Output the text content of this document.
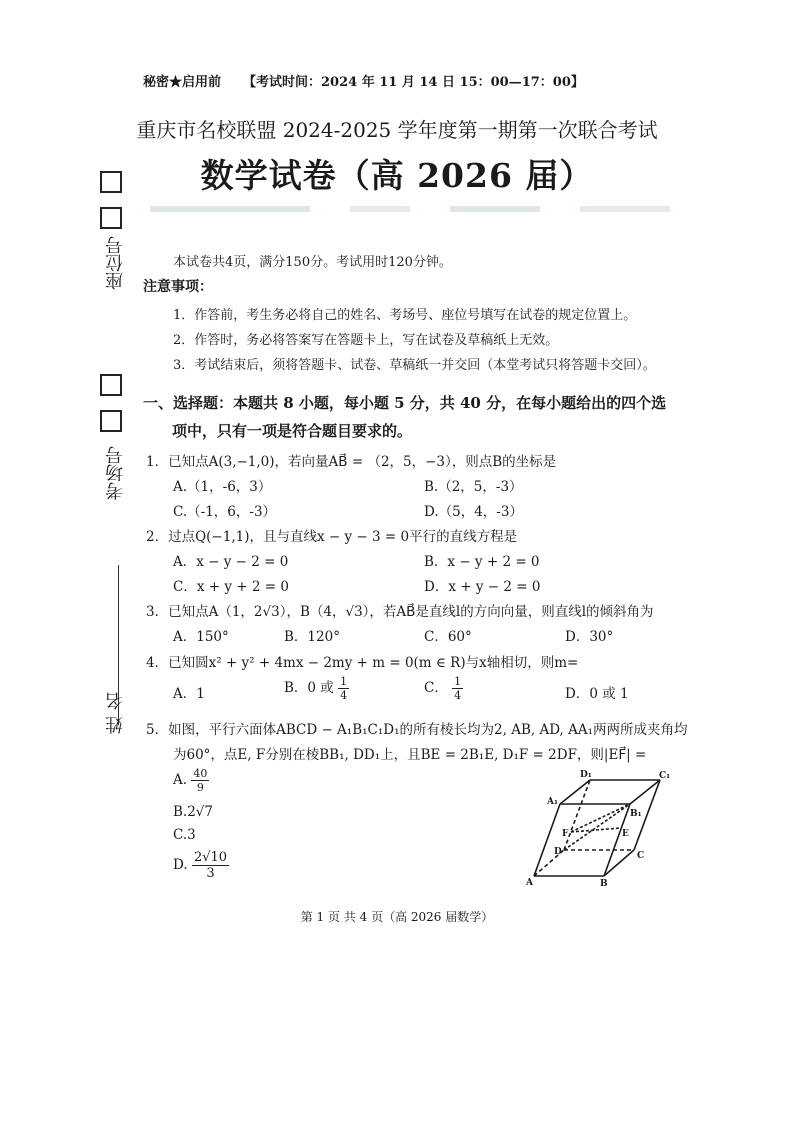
秘密★启用前 【考试时间：2024 年 11 月 14 日 15：00—17：00】
重庆市名校联盟 2024-2025 学年度第一期第一次联合考试
数学试卷（高 2026 届）
座位号
考场号
姓 名
本试卷共4页，满分150分。考试用时120分钟。
注意事项：
1．作答前，考生务必将自己的姓名、考场号、座位号填写在试卷的规定位置上。
2．作答时，务必将答案写在答题卡上，写在试卷及草稿纸上无效。
3．考试结束后，须将答题卡、试卷、草稿纸一并交回（本堂考试只将答题卡交回）。
一、选择题：本题共 8 小题，每小题 5 分，共 40 分，在每小题给出的四个选
项中，只有一项是符合题目要求的。
1．已知点A(3,−1,0)，若向量AB⃗ = （2，5，−3），则点B的坐标是
A.（1，-6，3）	B.（2，5，-3）
C.（-1，6，-3）	D.（5，4，-3）
2．过点Q(−1,1)，且与直线x − y − 3 = 0平行的直线方程是
A．x − y − 2 = 0	B．x − y + 2 = 0
C．x + y + 2 = 0	D．x + y − 2 = 0
3．已知点A（1，2√3），B（4，√3），若AB⃗是直线l的方向向量，则直线l的倾斜角为
A．150°	B．120°	C．60°	D．30°
4．已知圆x² + y² + 4mx − 2my + m = 0(m ∈ R)与x轴相切，则m=
A．1	B．0 或 $\frac{1}{4}$	C． $\frac{1}{4}$	D．0 或 1
5．如图，平行六面体ABCD − A₁B₁C₁D₁的所有棱长均为2, AB, AD, AA₁两两所成夹角均
为60°，点E, F分别在棱BB₁, DD₁上，且BE = 2B₁E, D₁F = 2DF，则|EF⃗| =
A. $\frac{40}{9}$
B.2√7
C.3
D. $\frac{2√10}{3}$
A	B
C
D
A₁
B₁
C₁
D₁
E
F
第 1 页 共 4 页（高 2026 届数学）
